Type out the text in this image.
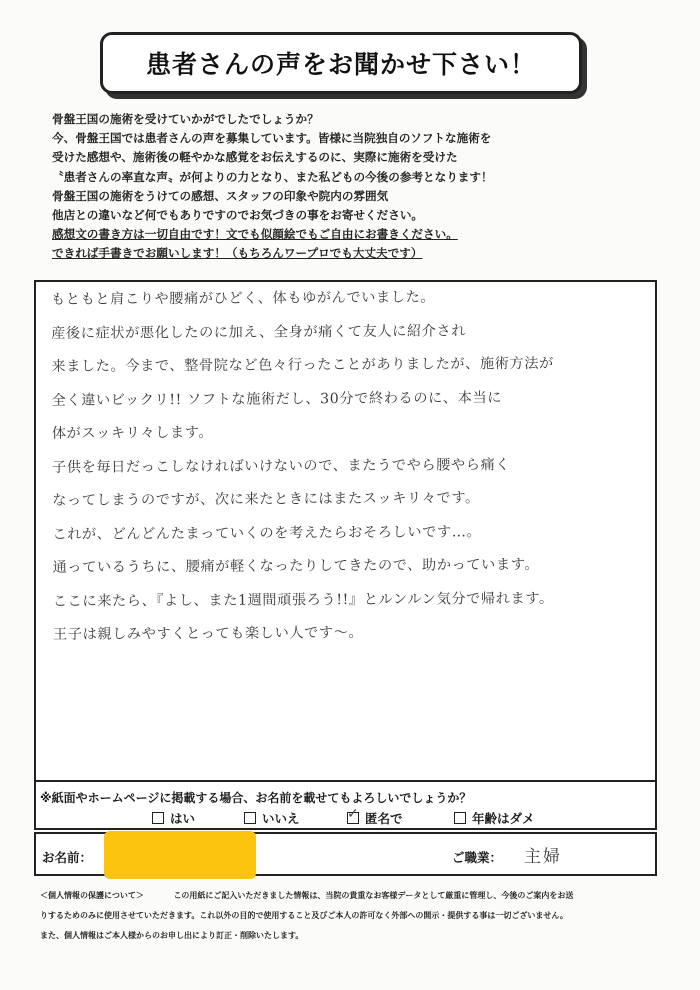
患者さんの声をお聞かせ下さい！
骨盤王国の施術を受けていかがでしたでしょうか？
今、骨盤王国では患者さんの声を募集しています。皆様に当院独自のソフトな施術を
受けた感想や、施術後の軽やかな感覚をお伝えするのに、実際に施術を受けた
〝患者さんの率直な声〟が何よりの力となり、また私どもの今後の参考となります！
骨盤王国の施術をうけての感想、スタッフの印象や院内の雰囲気
他店との違いなど何でもありですのでお気づきの事をお寄せください。
感想文の書き方は一切自由です！文でも似顔絵でもご自由にお書きください。
できれば手書きでお願いします！（もちろんワープロでも大丈夫です）
もともと肩こりや腰痛がひどく、体もゆがんでいました。
産後に症状が悪化したのに加え、全身が痛くて友人に紹介され
来ました。今まで、整骨院など色々行ったことがありましたが、施術方法が
全く違いビックリ!! ソフトな施術だし、30分で終わるのに、本当に
体がスッキリ々します。
子供を毎日だっこしなければいけないので、またうでやら腰やら痛く
なってしまうのですが、次に来たときにはまたスッキリ々です。
これが、どんどんたまっていくのを考えたらおそろしいです…。
通っているうちに、腰痛が軽くなったりしてきたので、助かっています。
ここに来たら、『よし、また1週間頑張ろう!!』とルンルン気分で帰れます。
王子は親しみやすくとっても楽しい人です〜。
※紙面やホームページに掲載する場合、お名前を載せてもよろしいでしょうか？
はい	いいえ	✓ 匿名で	年齢はダメ
お名前：	ご職業： 主婦
＜個人情報の保護について＞	この用紙にご記入いただきました情報は、当院の貴重なお客様データとして厳重に管理し、今後のご案内をお送
りするためのみに使用させていただきます。これ以外の目的で使用すること及びご本人の許可なく外部への開示・提供する事は一切ございません。
また、個人情報はご本人様からのお申し出により訂正・削除いたします。
